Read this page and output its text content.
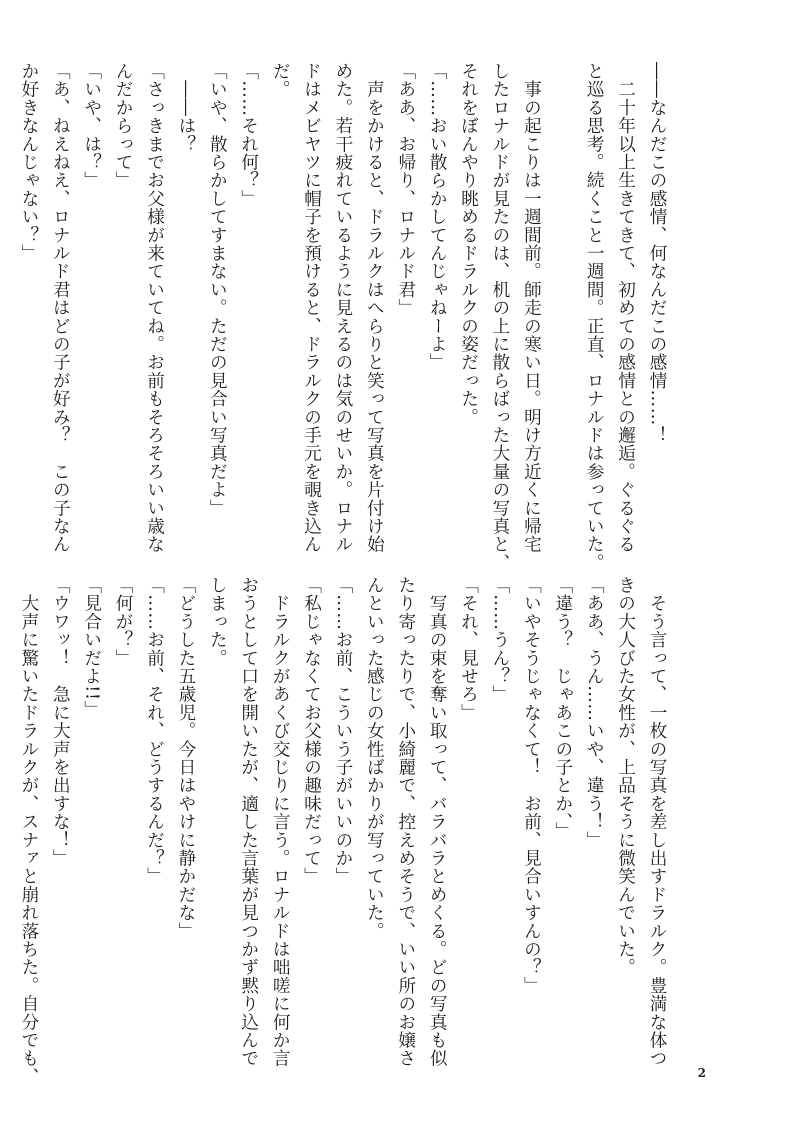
――なんだこの感情、何なんだこの感情……！
　二十年以上生きてきて、初めての感情との邂逅。ぐるぐる
と巡る思考。続くこと一週間。正直、ロナルドは参っていた。

　事の起こりは一週間前。師走の寒い日。明け方近くに帰宅
したロナルドが見たのは、机の上に散らばった大量の写真と、
それをぼんやり眺めるドラルクの姿だった。
「……おい散らかしてんじゃねーよ」
「ああ、お帰り、ロナルド君」
　声をかけると、ドラルクはへらりと笑って写真を片付け始
めた。若干疲れているように見えるのは気のせいか。ロナル
ドはメビヤツに帽子を預けると、ドラルクの手元を覗き込ん
だ。
「……それ何？」
「いや、散らかしてすまない。ただの見合い写真だよ」
　――は？
「さっきまでお父様が来ていてね。お前もそろそろいい歳な
んだからって」
「いや、は？」
「あ、ねえねえ、ロナルド君はどの子が好み？　この子なん
か好きなんじゃない？」
　そう言って、一枚の写真を差し出すドラルク。豊満な体つ
きの大人びた女性が、上品そうに微笑んでいた。
「ああ、うん……いや、違う！」
「違う？　じゃあこの子とか、」
「いやそうじゃなくて！　お前、見合いすんの？」
「……うん？」
「それ、見せろ」
　写真の束を奪い取って、バラバラとめくる。どの写真も似
たり寄ったりで、小綺麗で、控えめそうで、いい所のお嬢さ
んといった感じの女性ばかりが写っていた。
「……お前、こういう子がいいのか」
「私じゃなくてお父様の趣味だって」
　ドラルクがあくび交じりに言う。ロナルドは咄嗟に何か言
おうとして口を開いたが、適した言葉が見つかず黙り込んで
しまった。
「どうした五歳児。今日はやけに静かだな」
「……お前、それ、どうするんだ？」
「何が？」
「見合いだよ!!」
「ウワッ！　急に大声を出すな！」
　大声に驚いたドラルクが、スナァと崩れ落ちた。自分でも、	2
